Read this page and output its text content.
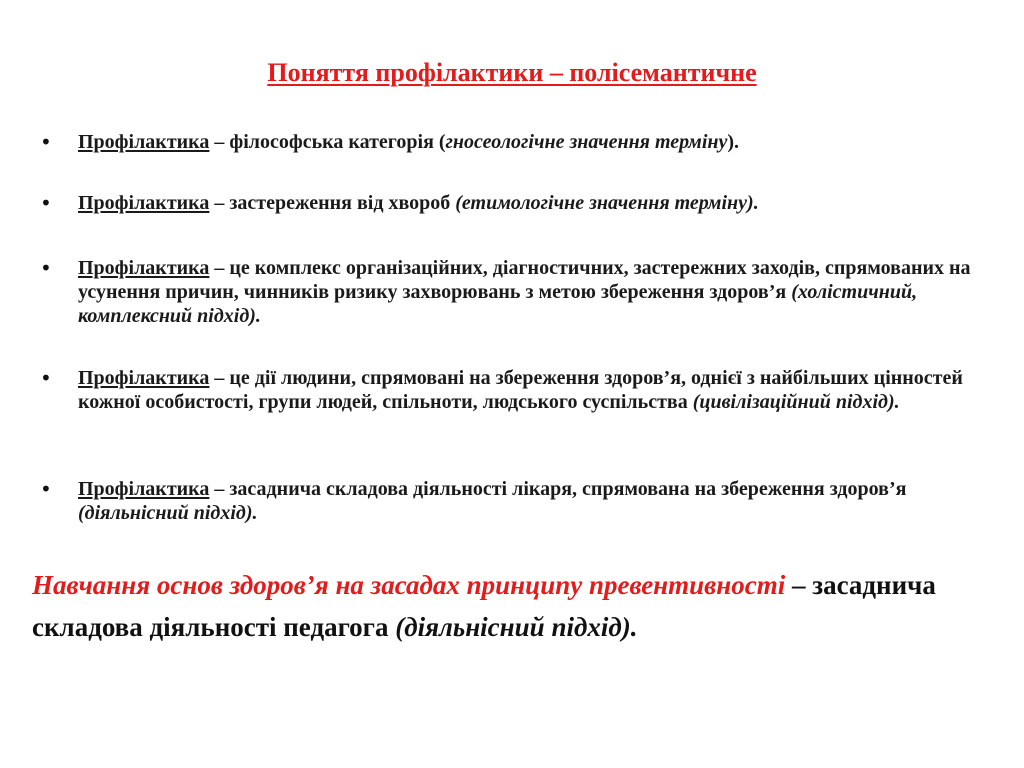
Поняття профілактики – полісемантичне
•	Профілактика – філософська категорія (гносеологічне значення терміну).
•	Профілактика – застереження від хвороб (етимологічне значення терміну).
•	Профілактика – це комплекс організаційних, діагностичних, застережних заходів, спрямованих на усунення причин, чинників ризику захворювань з метою збереження здоров’я (холістичний, комплексний підхід).
•	Профілактика – це дії людини, спрямовані на збереження здоров’я, однієї з найбільших цінностей кожної особистості, групи людей, спільноти, людського суспільства (цивілізаційний підхід).
•	Профілактика – засаднича складова діяльності лікаря, спрямована на збереження здоров’я (діяльнісний підхід).
Навчання основ здоров’я на засадах принципу превентивності – засаднича складова діяльності педагога (діяльнісний підхід).
